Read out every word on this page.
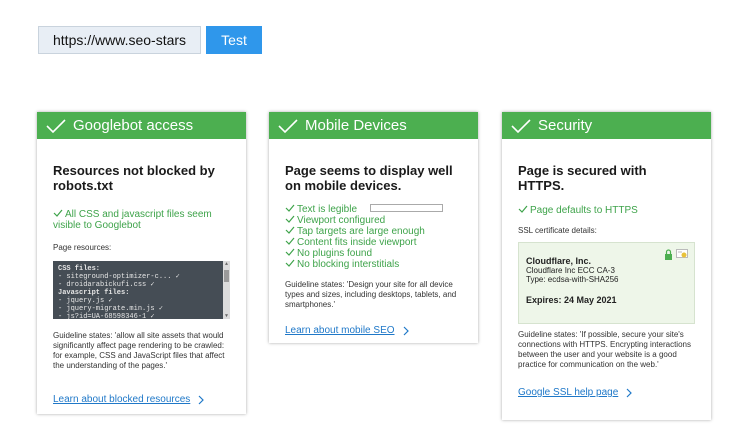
https://www.seo-stars
Test
Googlebot access
Resources not blocked by robots.txt
All CSS and javascript files seem visible to Googlebot
Page resources:
CSS files:
- siteground-optimizer-c... ✓
- droidarabickufi.css ✓
Javascript files:
- jquery.js ✓
- jquery-migrate.min.js ✓
- js?id=UA-68598346-1 ✓
▲
▼
Guideline states: 'allow all site assets that would significantly affect page rendering to be crawled: for example, CSS and JavaScript files that affect the understanding of the pages.'
Learn about blocked resources
Mobile Devices
Page seems to display well on mobile devices.
Text is legible
Viewport configured
Tap targets are large enough
Content fits inside viewport
No plugins found
No blocking interstitials
Guideline states: 'Design your site for all device types and sizes, including desktops, tablets, and smartphones.'
Learn about mobile SEO
Security
Page is secured with HTTPS.
Page defaults to HTTPS
SSL certificate details:
Cloudflare, Inc.
Cloudflare Inc ECC CA-3
Type: ecdsa-with-SHA256
Expires: 24 May 2021
Guideline states: 'If possible, secure your site's connections with HTTPS. Encrypting interactions between the user and your website is a good practice for communication on the web.'
Google SSL help page
